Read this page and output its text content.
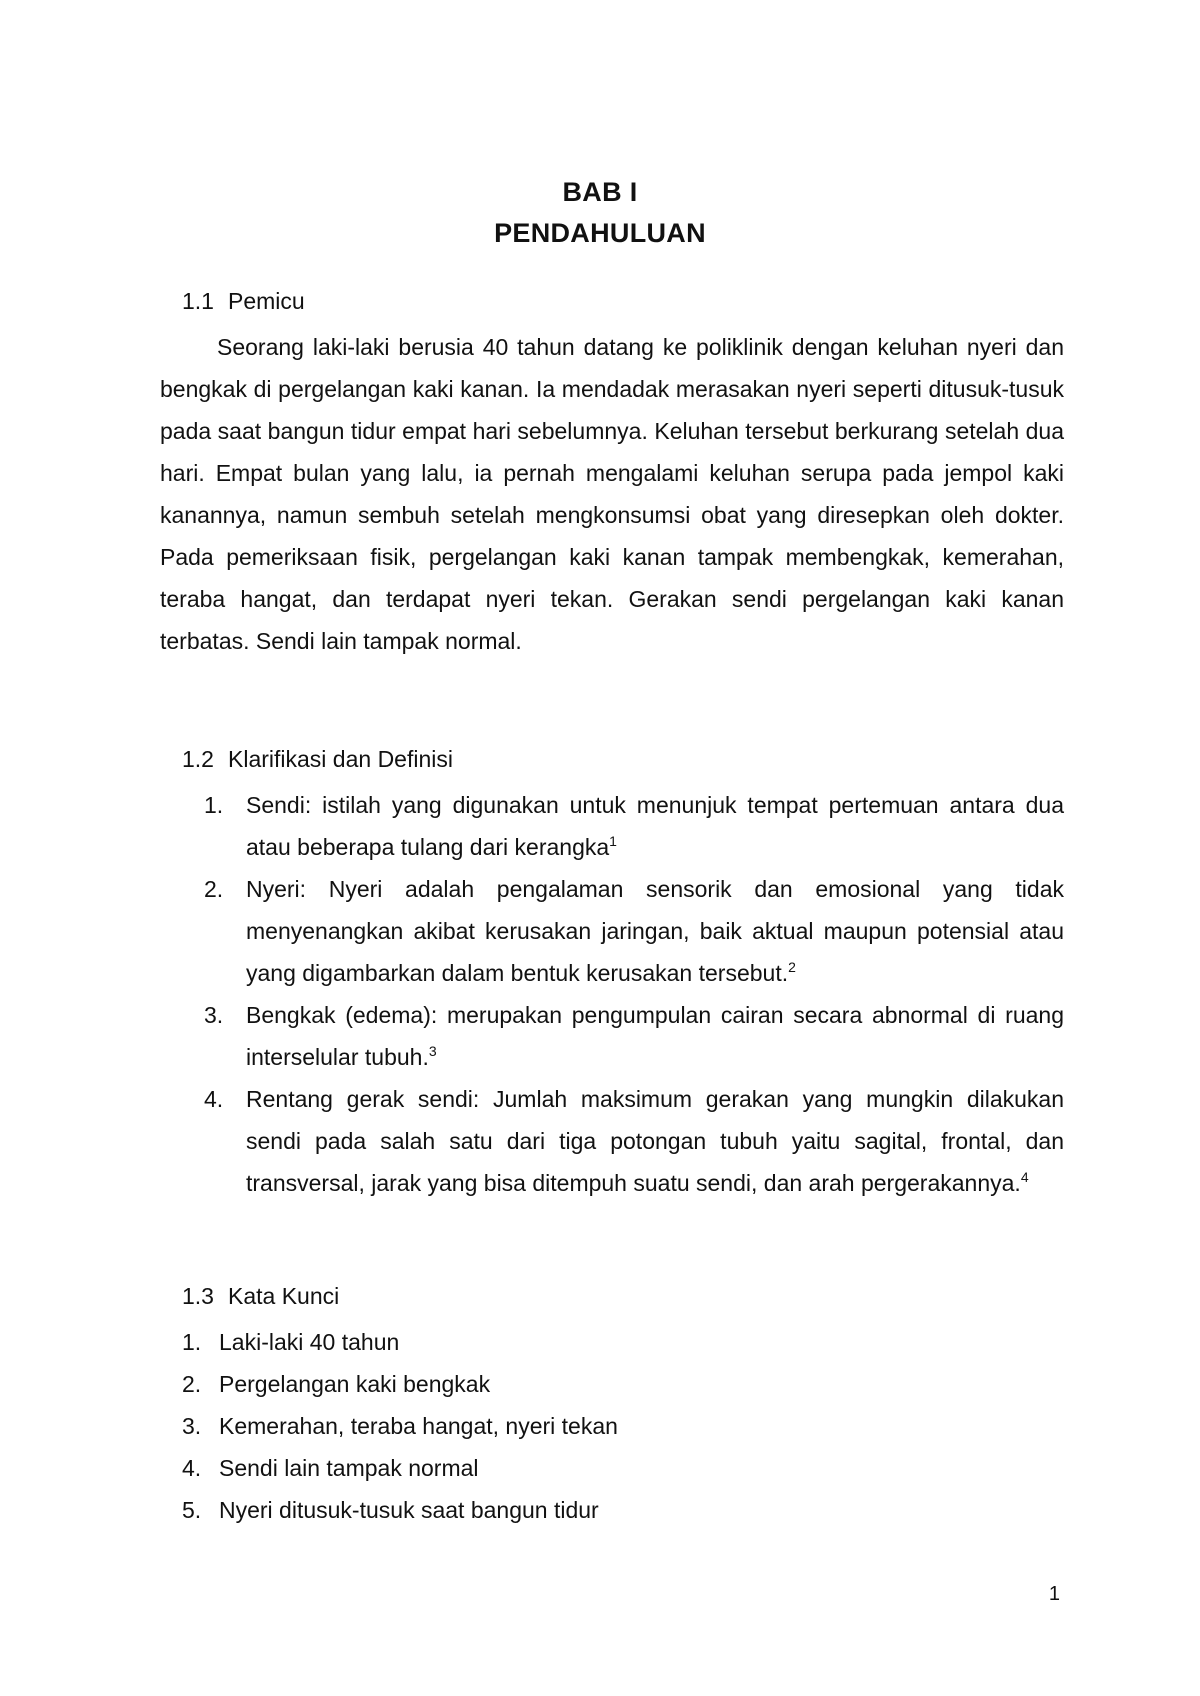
BAB I
PENDAHULUAN
1.1 Pemicu

Seorang laki-laki berusia 40 tahun datang ke poliklinik dengan keluhan nyeri dan bengkak di pergelangan kaki kanan. Ia mendadak merasakan nyeri seperti ditusuk-tusuk pada saat bangun tidur empat hari sebelumnya. Keluhan tersebut berkurang setelah dua hari. Empat bulan yang lalu, ia pernah mengalami keluhan serupa pada jempol kaki kanannya, namun sembuh setelah mengkonsumsi obat yang diresepkan oleh dokter. Pada pemeriksaan fisik, pergelangan kaki kanan tampak membengkak, kemerahan, teraba hangat, dan terdapat nyeri tekan. Gerakan sendi pergelangan kaki kanan terbatas. Sendi lain tampak normal.

1.2 Klarifikasi dan Definisi
1. Sendi: istilah yang digunakan untuk menunjuk tempat pertemuan antara dua atau beberapa tulang dari kerangka$^1$
2. Nyeri: Nyeri adalah pengalaman sensorik dan emosional yang tidak menyenangkan akibat kerusakan jaringan, baik aktual maupun potensial atau yang digambarkan dalam bentuk kerusakan tersebut.$^2$
3. Bengkak (edema): merupakan pengumpulan cairan secara abnormal di ruang interselular tubuh.$^3$
4. Rentang gerak sendi: Jumlah maksimum gerakan yang mungkin dilakukan sendi pada salah satu dari tiga potongan tubuh yaitu sagital, frontal, dan transversal, jarak yang bisa ditempuh suatu sendi, dan arah pergerakannya.$^4$
1.3 Kata Kunci
1. Laki-laki 40 tahun
2. Pergelangan kaki bengkak
3. Kemerahan, teraba hangat, nyeri tekan
4. Sendi lain tampak normal
5. Nyeri ditusuk-tusuk saat bangun tidur
1
